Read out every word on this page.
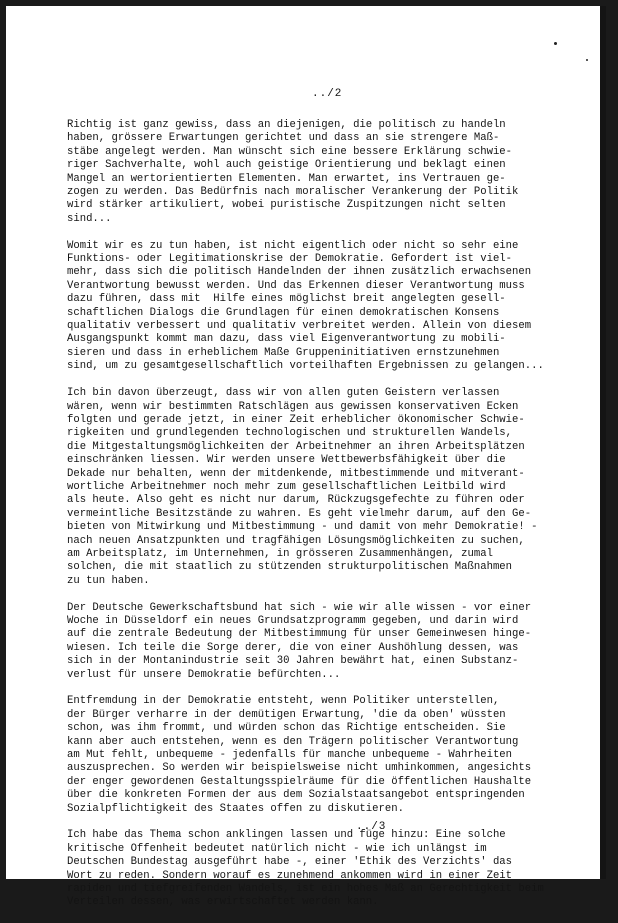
../2

Richtig ist ganz gewiss, dass an diejenigen, die politisch zu handeln
haben, grössere Erwartungen gerichtet und dass an sie strengere Maß-
stäbe angelegt werden. Man wünscht sich eine bessere Erklärung schwie-
riger Sachverhalte, wohl auch geistige Orientierung und beklagt einen
Mangel an wertorientierten Elementen. Man erwartet, ins Vertrauen ge-
zogen zu werden. Das Bedürfnis nach moralischer Verankerung der Politik
wird stärker artikuliert, wobei puristische Zuspitzungen nicht selten
sind...

Womit wir es zu tun haben, ist nicht eigentlich oder nicht so sehr eine
Funktions- oder Legitimationskrise der Demokratie. Gefordert ist viel-
mehr, dass sich die politisch Handelnden der ihnen zusätzlich erwachsenen
Verantwortung bewusst werden. Und das Erkennen dieser Verantwortung muss
dazu führen, dass mit  Hilfe eines möglichst breit angelegten gesell-
schaftlichen Dialogs die Grundlagen für einen demokratischen Konsens
qualitativ verbessert und qualitativ verbreitet werden. Allein von diesem
Ausgangspunkt kommt man dazu, dass viel Eigenverantwortung zu mobili-
sieren und dass in erheblichem Maße Gruppeninitiativen ernstzunehmen
sind, um zu gesamtgesellschaftlich vorteilhaften Ergebnissen zu gelangen...

Ich bin davon überzeugt, dass wir von allen guten Geistern verlassen
wären, wenn wir bestimmten Ratschlägen aus gewissen konservativen Ecken
folgten und gerade jetzt, in einer Zeit erheblicher ökonomischer Schwie-
rigkeiten und grundlegenden technologischen und strukturellen Wandels,
die Mitgestaltungsmöglichkeiten der Arbeitnehmer an ihren Arbeitsplätzen
einschränken liessen. Wir werden unsere Wettbewerbsfähigkeit über die
Dekade nur behalten, wenn der mitdenkende, mitbestimmende und mitverant-
wortliche Arbeitnehmer noch mehr zum gesellschaftlichen Leitbild wird
als heute. Also geht es nicht nur darum, Rückzugsgefechte zu führen oder
vermeintliche Besitzstände zu wahren. Es geht vielmehr darum, auf den Ge-
bieten von Mitwirkung und Mitbestimmung - und damit von mehr Demokratie! -
nach neuen Ansatzpunkten und tragfähigen Lösungsmöglichkeiten zu suchen,
am Arbeitsplatz, im Unternehmen, in grösseren Zusammenhängen, zumal
solchen, die mit staatlich zu stützenden strukturpolitischen Maßnahmen
zu tun haben.

Der Deutsche Gewerkschaftsbund hat sich - wie wir alle wissen - vor einer
Woche in Düsseldorf ein neues Grundsatzprogramm gegeben, und darin wird
auf die zentrale Bedeutung der Mitbestimmung für unser Gemeinwesen hinge-
wiesen. Ich teile die Sorge derer, die von einer Aushöhlung dessen, was
sich in der Montanindustrie seit 30 Jahren bewährt hat, einen Substanz-
verlust für unsere Demokratie befürchten...

Entfremdung in der Demokratie entsteht, wenn Politiker unterstellen,
der Bürger verharre in der demütigen Erwartung, 'die da oben' wüssten
schon, was ihm frommt, und würden schon das Richtige entscheiden. Sie
kann aber auch entstehen, wenn es den Trägern politischer Verantwortung
am Mut fehlt, unbequeme - jedenfalls für manche unbequeme - Wahrheiten
auszusprechen. So werden wir beispielsweise nicht umhinkommen, angesichts
der enger gewordenen Gestaltungsspielräume für die öffentlichen Haushalte
über die konkreten Formen der aus dem Sozialstaatsangebot entspringenden
Sozialpflichtigkeit des Staates offen zu diskutieren.

Ich habe das Thema schon anklingen lassen und füge hinzu: Eine solche
kritische Offenheit bedeutet natürlich nicht - wie ich unlängst im
Deutschen Bundestag ausgeführt habe -, einer 'Ethik des Verzichts' das
Wort zu reden. Sondern worauf es zunehmend ankommen wird in einer Zeit
rapiden und tiefgreifenden Wandels, ist ein hohes Maß an Gerechtigkeit beim
Verteilen dessen, was erwirtschaftet werden kann.

../3
